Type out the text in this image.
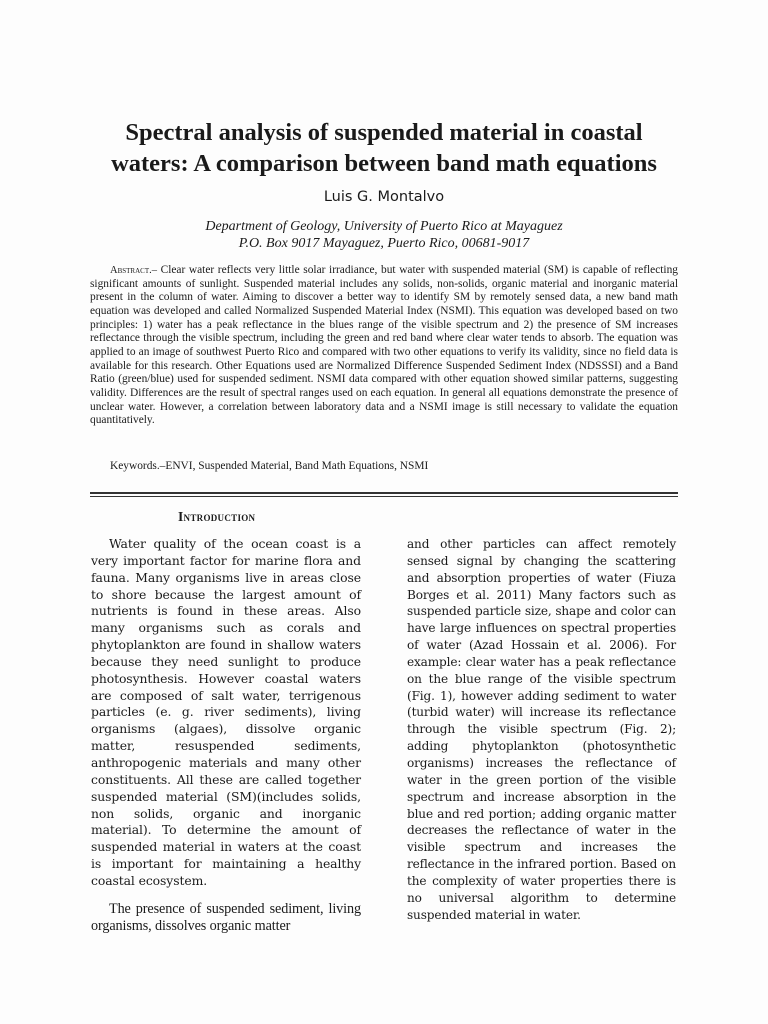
Spectral analysis of suspended material in coastal
waters: A comparison between band math equations
Luis G. Montalvo
Department of Geology, University of Puerto Rico at Mayaguez
P.O. Box 9017 Mayaguez, Puerto Rico, 00681-9017

Abstract.– Clear water reflects very little solar irradiance, but water with suspended material (SM) is capable of reflecting significant amounts of sunlight. Suspended material includes any solids, non-solids, organic material and inorganic material present in the column of water. Aiming to discover a better way to identify SM by remotely sensed data, a new band math equation was developed and called Normalized Suspended Material Index (NSMI). This equation was developed based on two principles: 1) water has a peak reflectance in the blues range of the visible spectrum and 2) the presence of SM increases reflectance through the visible spectrum, including the green and red band where clear water tends to absorb. The equation was applied to an image of southwest Puerto Rico and compared with two other equations to verify its validity, since no field data is available for this research. Other Equations used are Normalized Difference Suspended Sediment Index (NDSSSI) and a Band Ratio (green/blue) used for suspended sediment. NSMI data compared with other equation showed similar patterns, suggesting validity. Differences are the result of spectral ranges used on each equation. In general all equations demonstrate the presence of unclear water. However, a correlation between laboratory data and a NSMI image is still necessary to validate the equation quantitatively.

Keywords.–ENVI, Suspended Material, Band Math Equations, NSMI

Introduction

Water quality of the ocean coast is a very important factor for marine flora and fauna. Many organisms live in areas close to shore because the largest amount of nutrients is found in these areas. Also many organisms such as corals and phytoplankton are found in shallow waters because they need sunlight to produce photosynthesis. However coastal waters are composed of salt water, terrigenous particles (e. g. river sediments), living organisms (algaes), dissolve organic matter, resuspended sediments, anthropogenic materials and many other constituents. All these are called together suspended material (SM)(includes solids, non solids, organic and inorganic material). To determine the amount of suspended material in waters at the coast is important for maintaining a healthy coastal ecosystem.

The presence of suspended sediment, living organisms, dissolves organic matter

and other particles can affect remotely sensed signal by changing the scattering and absorption properties of water (Fiuza Borges et al. 2011) Many factors such as suspended particle size, shape and color can have large influences on spectral properties of water (Azad Hossain et al. 2006). For example: clear water has a peak reflectance on the blue range of the visible spectrum (Fig. 1), however adding sediment to water (turbid water) will increase its reflectance through the visible spectrum (Fig. 2); adding phytoplankton (photosynthetic organisms) increases the reflectance of water in the green portion of the visible spectrum and increase absorption in the blue and red portion; adding organic matter decreases the reflectance of water in the visible spectrum and increases the reflectance in the infrared portion. Based on the complexity of water properties there is no universal algorithm to determine suspended material in water.
